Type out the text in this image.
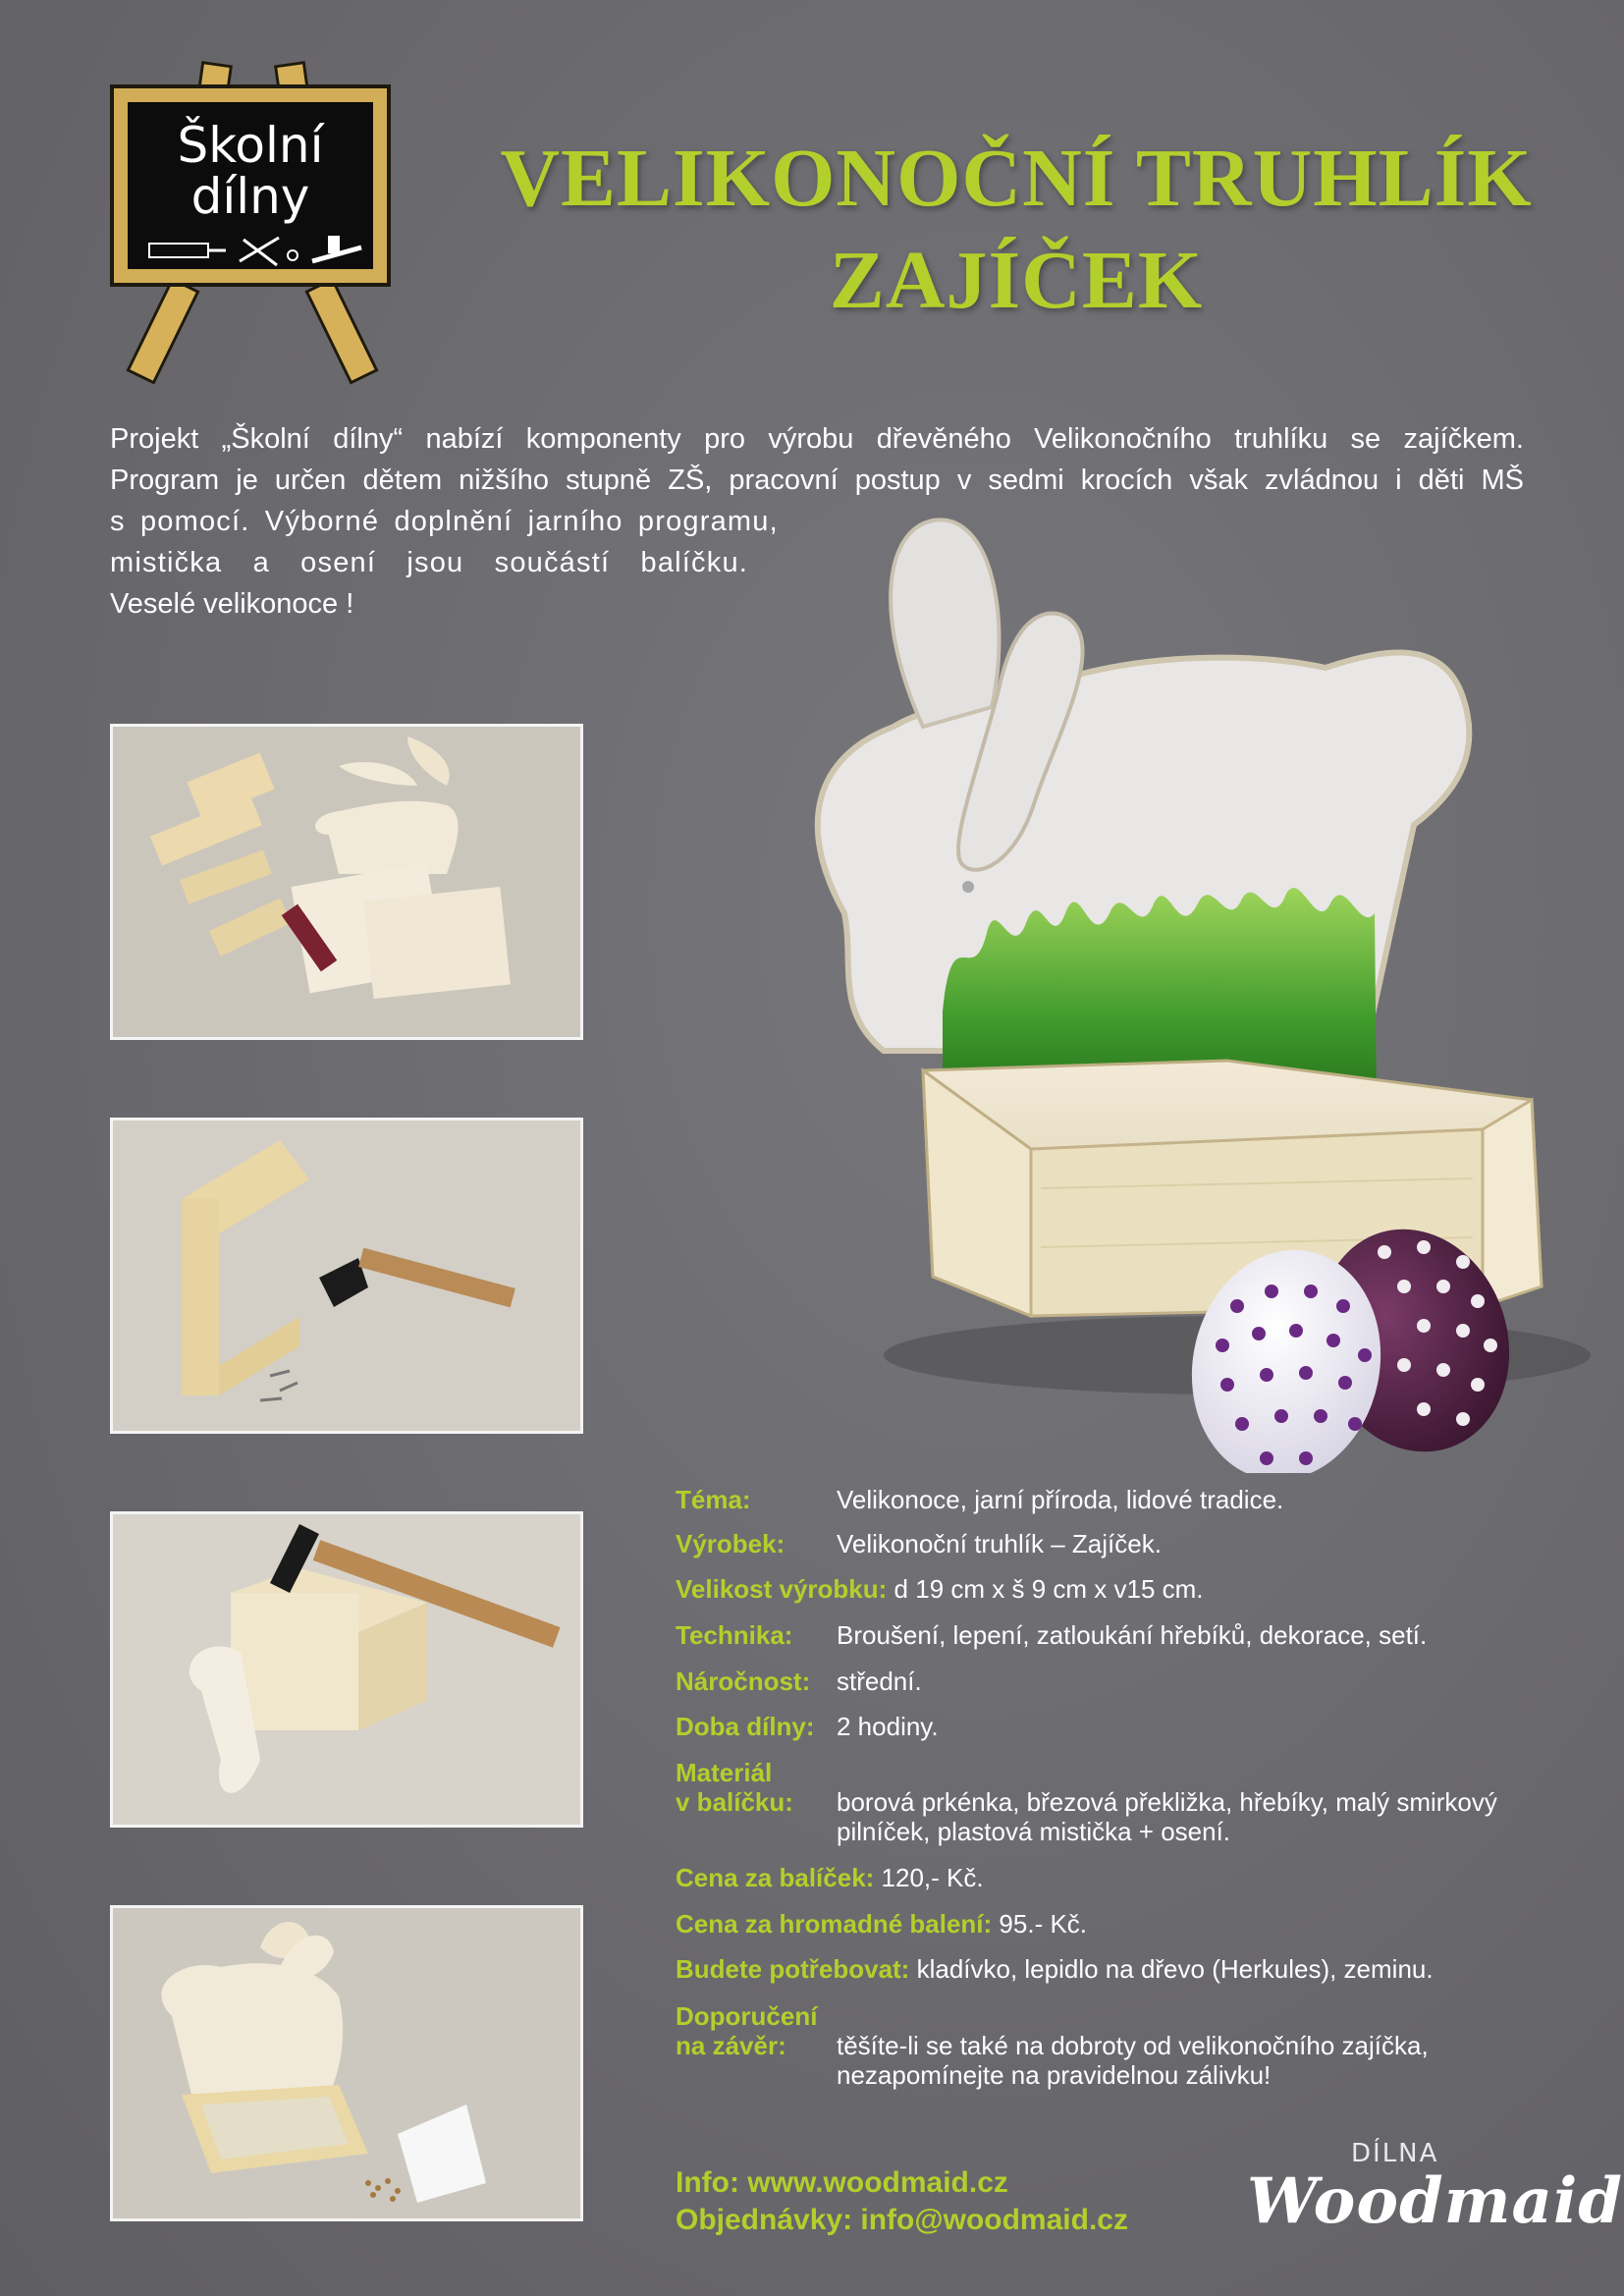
Školní
dílny	VELIKONOČNÍ TRUHLÍK
ZAJÍČEK
Projekt „Školní dílny“ nabízí komponenty pro výrobu dřevěného Velikonočního truhlíku se zajíčkem.
Program je určen dětem nižšího stupně ZŠ, pracovní postup v sedmi krocích však zvládnou i děti MŠ
s pomocí. Výborné doplnění jarního programu,
mistička a osení jsou součástí balíčku.
Veselé velikonoce !
Téma:	Velikonoce, jarní příroda, lidové tradice.
Výrobek: Velikonoční truhlík – Zajíček.
Velikost výrobku: d 19 cm x š 9 cm x v15 cm.
Technika: Broušení, lepení, zatloukání hřebíků, dekorace, setí.
Náročnost: střední.
Doba dílny: 2 hodiny.
Materiál
v balíčku: borová prkénka, březová překližka, hřebíky, malý smirkový
pilníček, plastová mistička + osení.
Cena za balíček: 120,- Kč.
Cena za hromadné balení: 95.- Kč.
Budete potřebovat: kladívko, lepidlo na dřevo (Herkules), zeminu.
Doporučení
na závěr:	těšíte-li se také na dobroty od velikonočního zajíčka,
nezapomínejte na pravidelnou zálivku!
Info: www.woodmaid.cz
Objednávky: info@woodmaid.cz
DÍLNA
Woodmaid
